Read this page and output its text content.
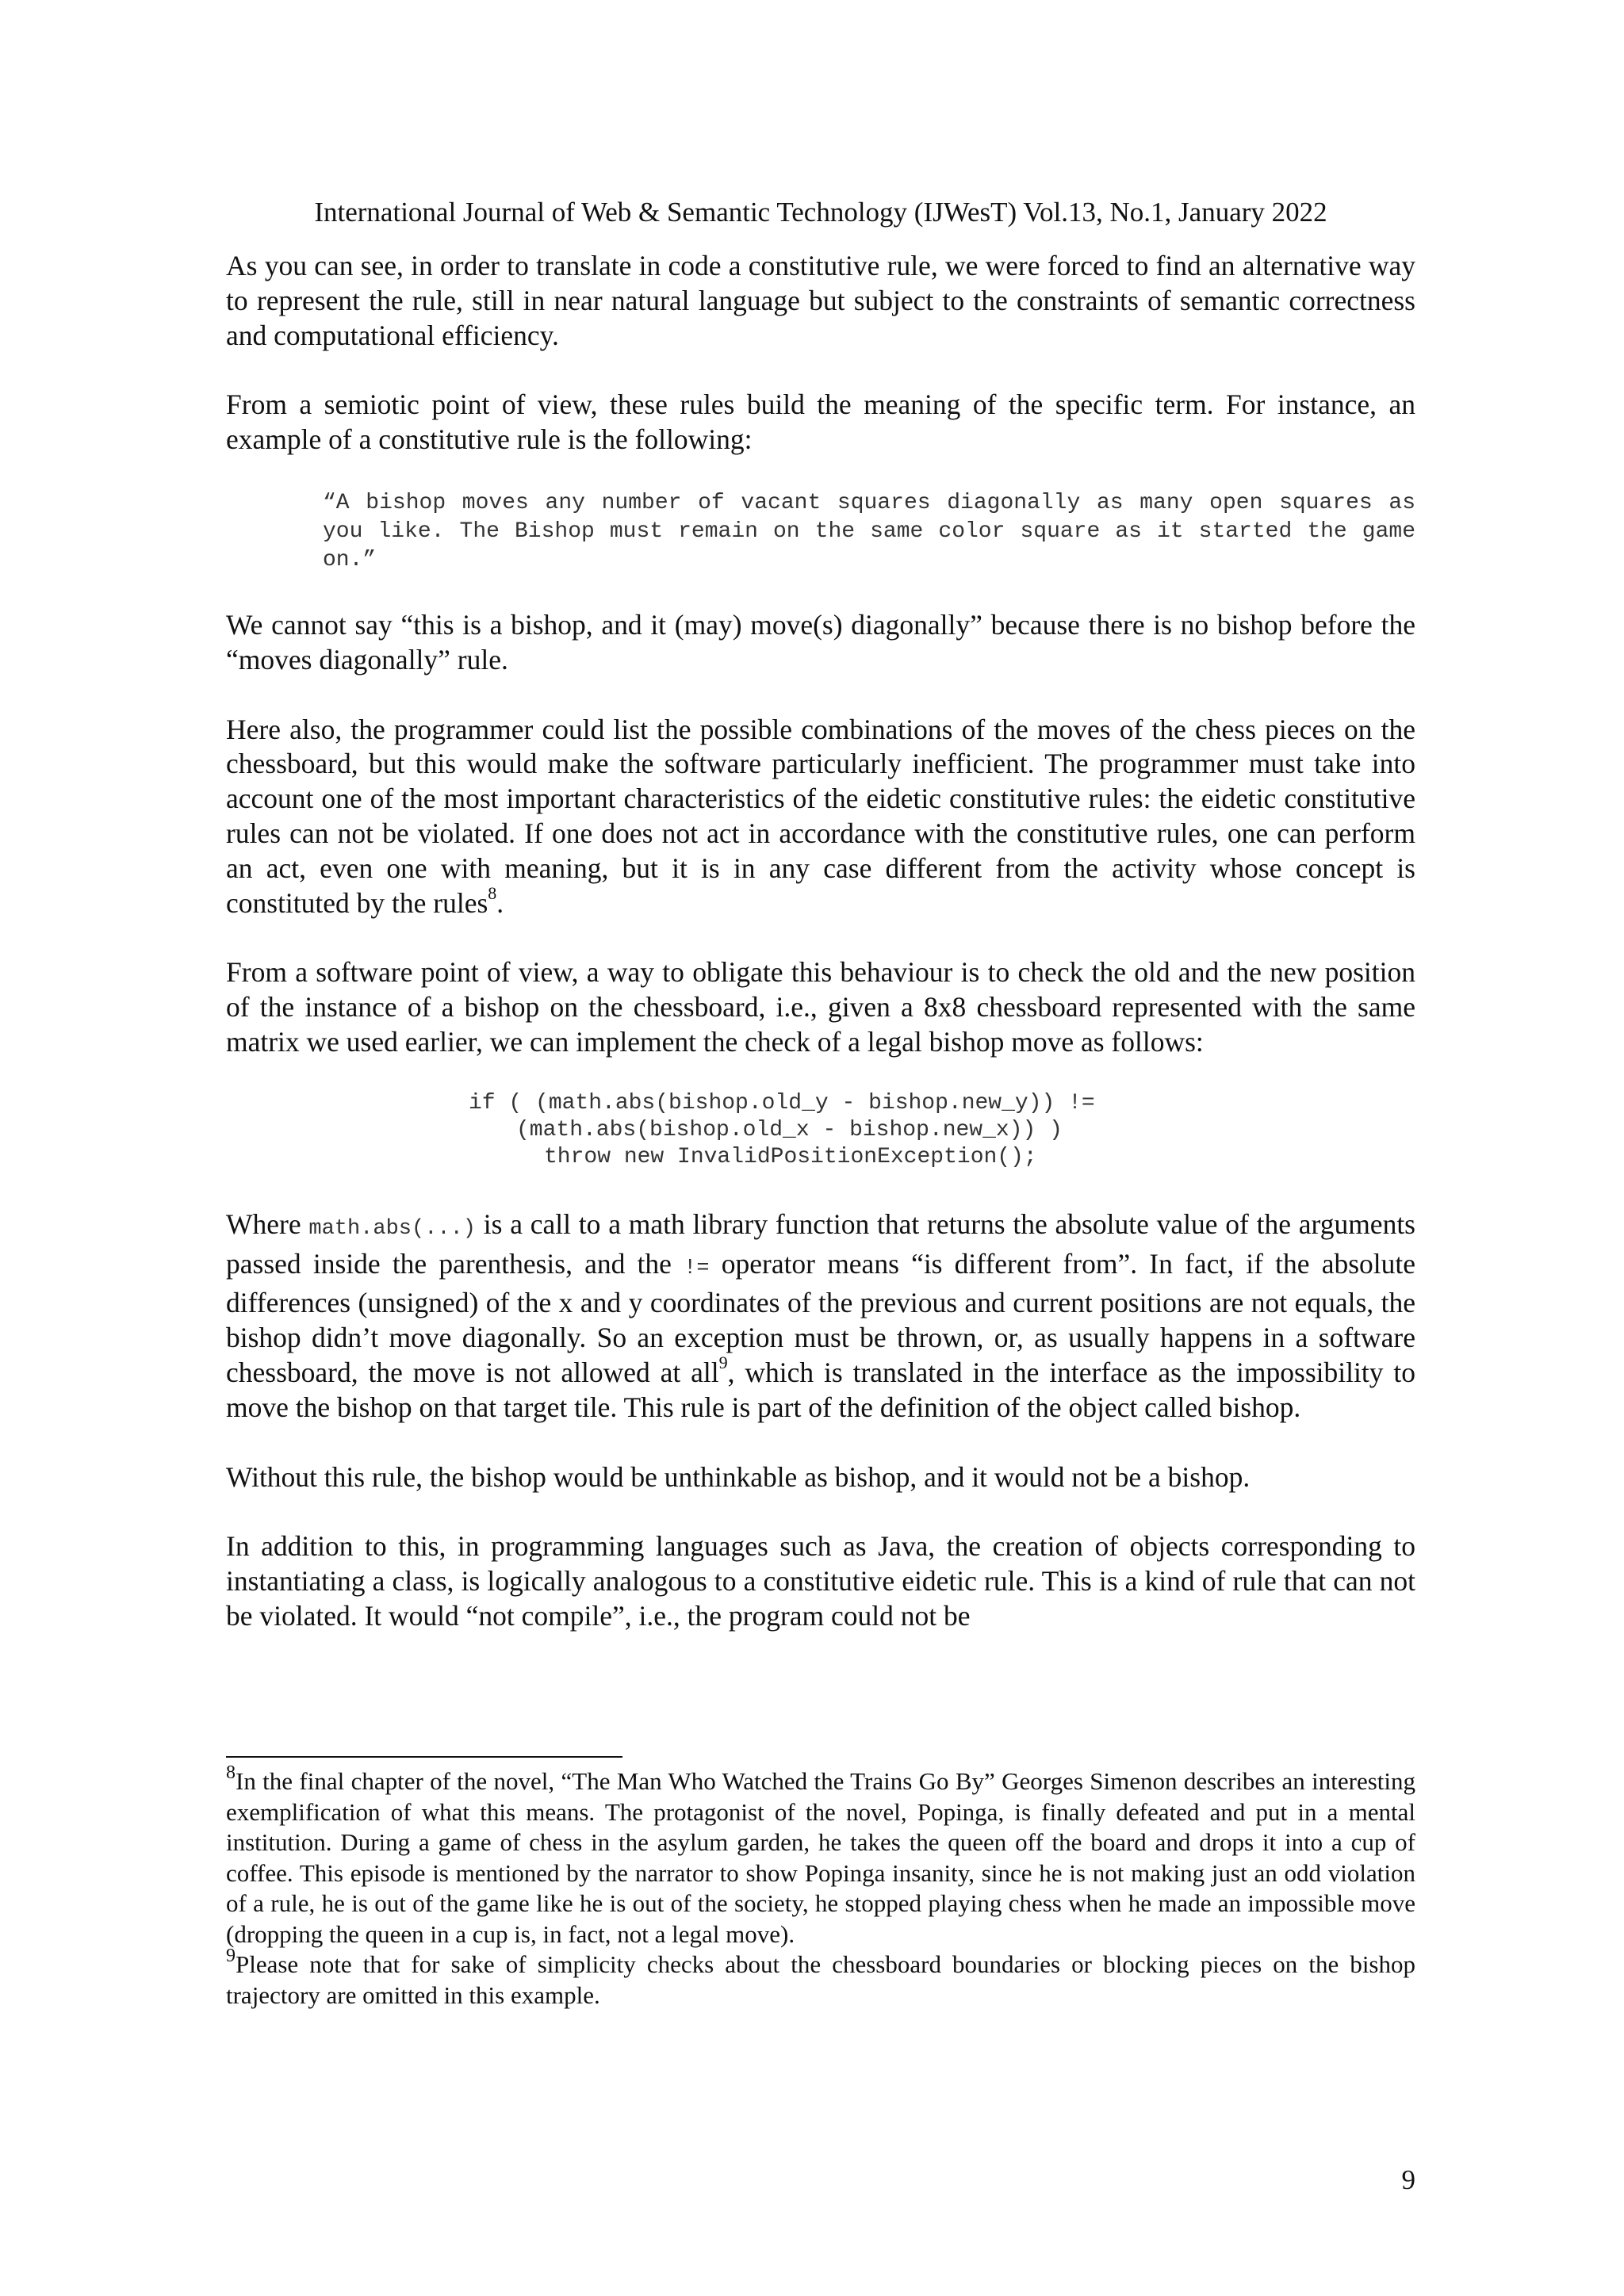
International Journal of Web & Semantic Technology (IJWesT) Vol.13, No.1, January 2022

As you can see, in order to translate in code a constitutive rule, we were forced to find an alternative way to represent the rule, still in near natural language but subject to the constraints of semantic correctness and computational efficiency.

From a semiotic point of view, these rules build the meaning of the specific term. For instance, an example of a constitutive rule is the following:

“A bishop moves any number of vacant squares diagonally as many open squares as you like. The Bishop must remain on the same color square as it started the game on.”

We cannot say “this is a bishop, and it (may) move(s) diagonally” because there is no bishop before the “moves diagonally” rule.

Here also, the programmer could list the possible combinations of the moves of the chess pieces on the chessboard, but this would make the software particularly inefficient. The programmer must take into account one of the most important characteristics of the eidetic constitutive rules: the eidetic constitutive rules can not be violated. If one does not act in accordance with the constitutive rules, one can perform an act, even one with meaning, but it is in any case different from the activity whose concept is constituted by the rules$^8$.

From a software point of view, a way to obligate this behaviour is to check the old and the new position of the instance of a bishop on the chessboard, i.e., given a 8x8 chessboard represented with the same matrix we used earlier, we can implement the check of a legal bishop move as follows:

if ( (math.abs(bishop.old_y - bishop.new_y)) !=
(math.abs(bishop.old_x - bishop.new_x)) )
throw new InvalidPositionException();

Where math.abs(...) is a call to a math library function that returns the absolute value of the arguments passed inside the parenthesis, and the != operator means “is different from”. In fact, if the absolute differences (unsigned) of the x and y coordinates of the previous and current positions are not equals, the bishop didn’t move diagonally. So an exception must be thrown, or, as usually happens in a software chessboard, the move is not allowed at all$^9$, which is translated in the interface as the impossibility to move the bishop on that target tile. This rule is part of the definition of the object called bishop.

Without this rule, the bishop would be unthinkable as bishop, and it would not be a bishop.

In addition to this, in programming languages such as Java, the creation of objects corresponding to instantiating a class, is logically analogous to a constitutive eidetic rule. This is a kind of rule that can not be violated. It would “not compile”, i.e., the program could not be

$^8$In the final chapter of the novel, “The Man Who Watched the Trains Go By” Georges Simenon describes an interesting exemplification of what this means. The protagonist of the novel, Popinga, is finally defeated and put in a mental institution. During a game of chess in the asylum garden, he takes the queen off the board and drops it into a cup of coffee. This episode is mentioned by the narrator to show Popinga insanity, since he is not making just an odd violation of a rule, he is out of the game like he is out of the society, he stopped playing chess when he made an impossible move (dropping the queen in a cup is, in fact, not a legal move).

$^9$Please note that for sake of simplicity checks about the chessboard boundaries or blocking pieces on the bishop trajectory are omitted in this example.

9
